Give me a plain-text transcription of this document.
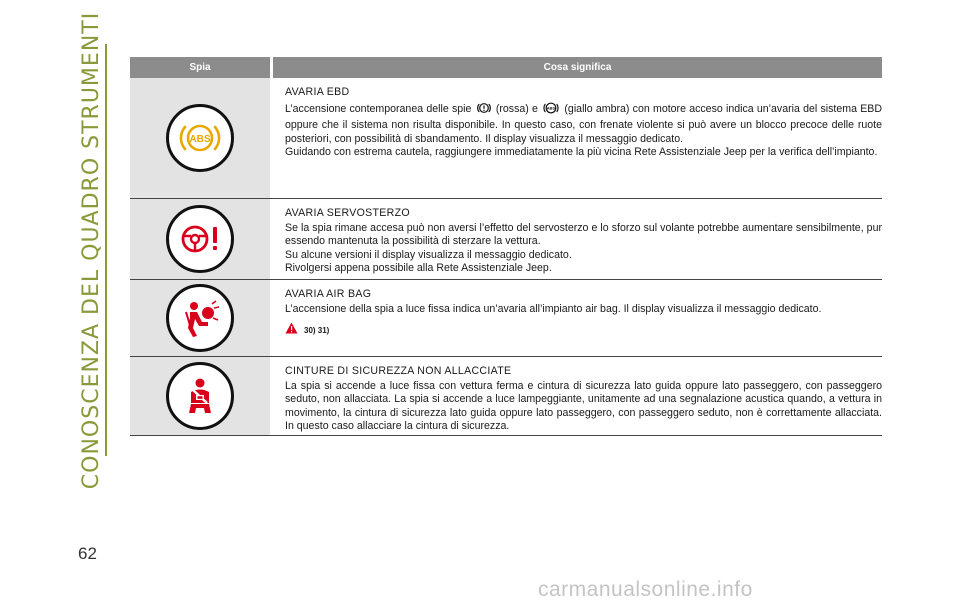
CONOSCENZA DEL QUADRO STRUMENTI	Spia	Cosa significa
ABS
AVARIA EBD
L’accensione contemporanea delle spie (rossa) e ABS (giallo ambra) con motore acceso indica un’avaria del sistema EBD oppure che il sistema non risulta disponibile. In questo caso, con frenate violente si può avere un blocco precoce delle ruote posteriori, con possibilità di sbandamento. Il display visualizza il messaggio dedicato.
Guidando con estrema cautela, raggiungere immediatamente la più vicina Rete Assistenziale Jeep per la verifica dell’impianto.
AVARIA SERVOSTERZO
Se la spia rimane accesa può non aversi l’effetto del servosterzo e lo sforzo sul volante potrebbe aumentare sensibilmente, pur essendo mantenuta la possibilità di sterzare la vettura.
Su alcune versioni il display visualizza il messaggio dedicato.
Rivolgersi appena possibile alla Rete Assistenziale Jeep.
AVARIA AIR BAG
L’accensione della spia a luce fissa indica un’avaria all’impianto air bag. Il display visualizza il messaggio dedicato.
30) 31)
CINTURE DI SICUREZZA NON ALLACCIATE
La spia si accende a luce fissa con vettura ferma e cintura di sicurezza lato guida oppure lato passeggero, con passeggero seduto, non allacciata. La spia si accende a luce lampeggiante, unitamente ad una segnalazione acustica quando, a vettura in movimento, la cintura di sicurezza lato guida oppure lato passeggero, con passeggero seduto, non è correttamente allacciata. In questo caso allacciare la cintura di sicurezza.
62
carmanualsonline.info
